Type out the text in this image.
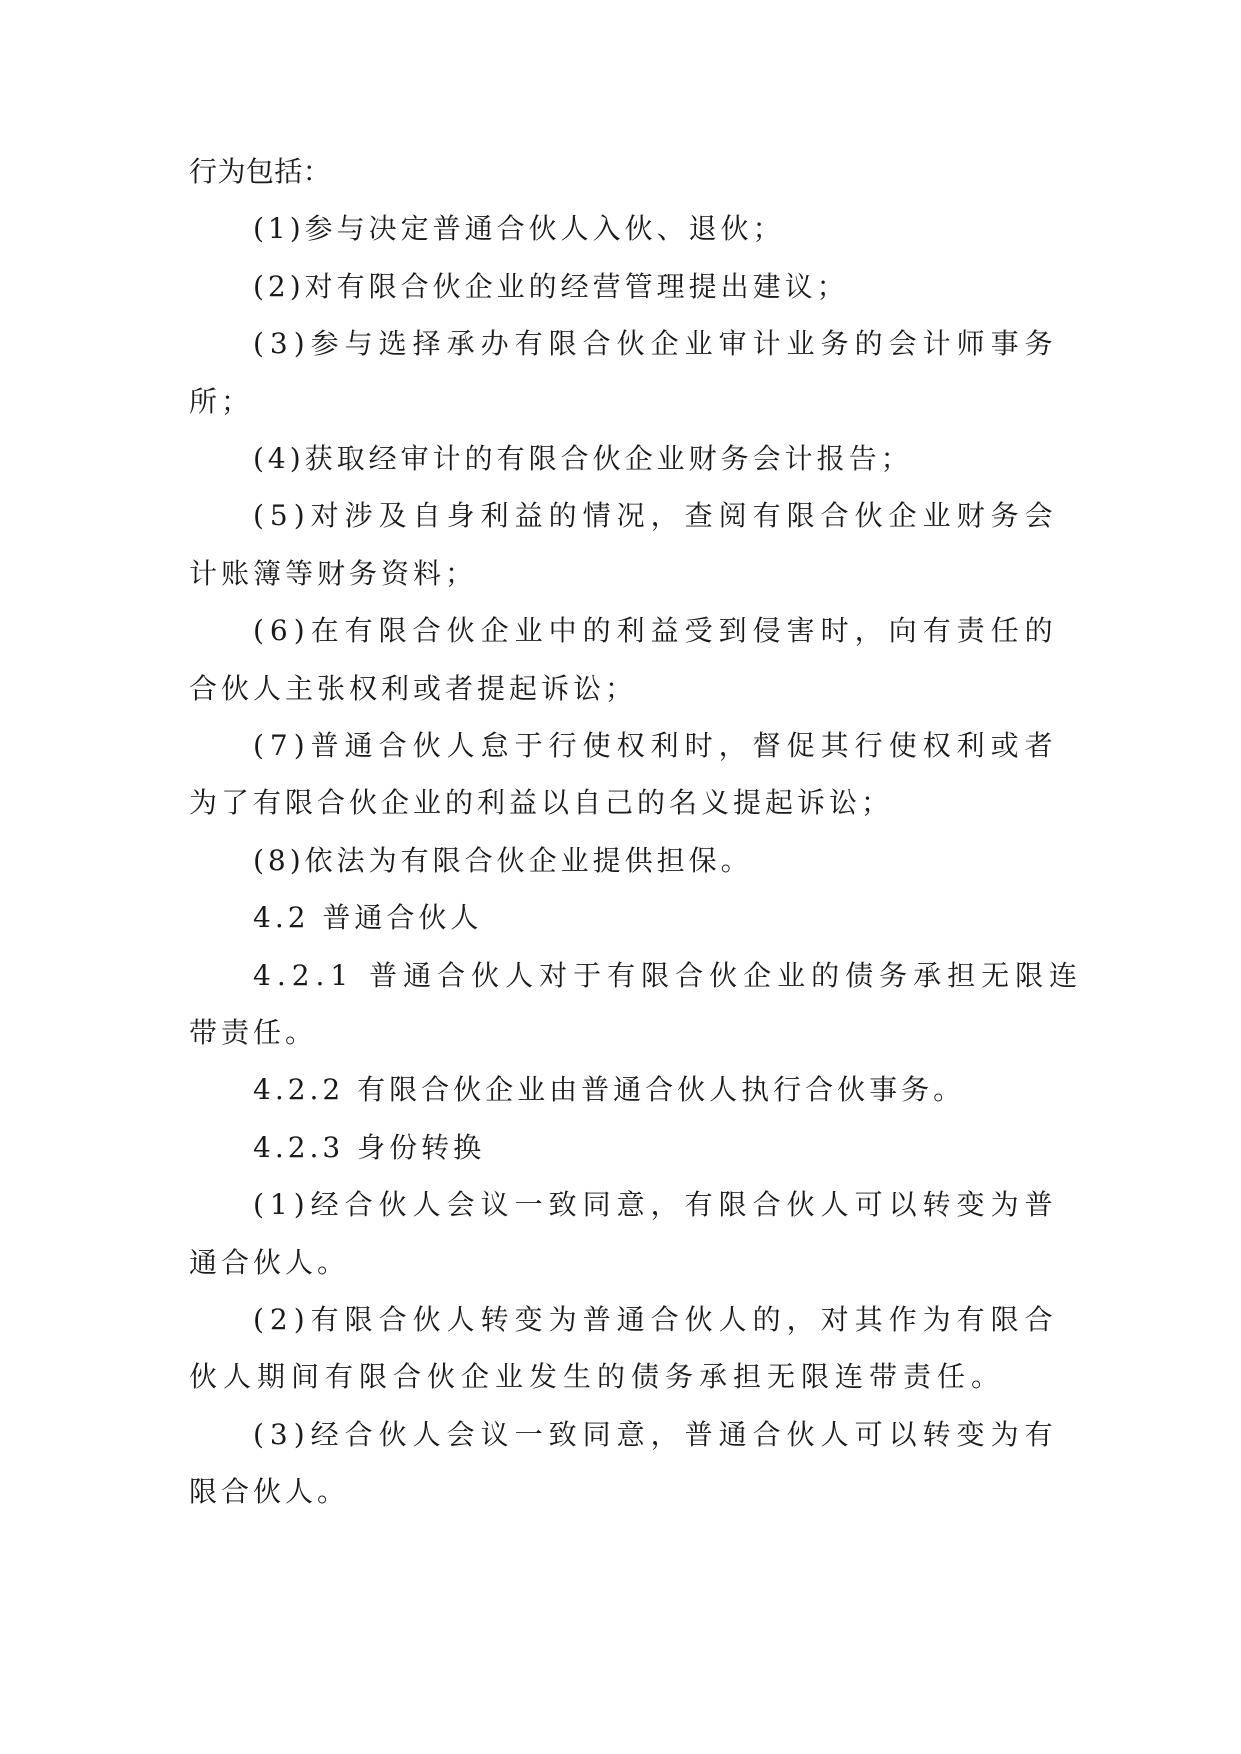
行为包括：

(1)参与决定普通合伙人入伙、退伙；

(2)对有限合伙企业的经营管理提出建议；

(3)参与选择承办有限合伙企业审计业务的会计师事务

所；

(4)获取经审计的有限合伙企业财务会计报告；

(5)对涉及自身利益的情况，查阅有限合伙企业财务会

计账簿等财务资料；

(6)在有限合伙企业中的利益受到侵害时，向有责任的

合伙人主张权利或者提起诉讼；

(7)普通合伙人怠于行使权利时，督促其行使权利或者

为了有限合伙企业的利益以自己的名义提起诉讼；

(8)依法为有限合伙企业提供担保。

4.2 普通合伙人

4.2.1 普通合伙人对于有限合伙企业的债务承担无限连

带责任。

4.2.2 有限合伙企业由普通合伙人执行合伙事务。

4.2.3 身份转换

(1)经合伙人会议一致同意，有限合伙人可以转变为普

通合伙人。

(2)有限合伙人转变为普通合伙人的，对其作为有限合

伙人期间有限合伙企业发生的债务承担无限连带责任。

(3)经合伙人会议一致同意，普通合伙人可以转变为有

限合伙人。
